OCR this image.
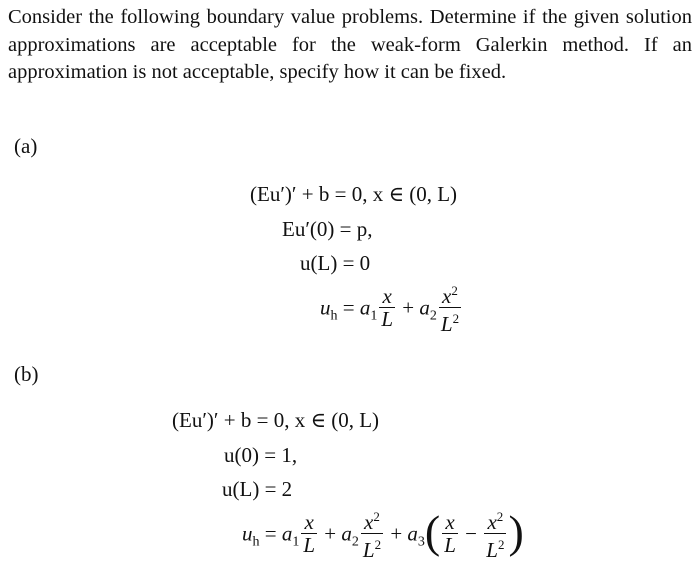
Consider the following boundary value problems. Determine if the given solution approximations are acceptable for the weak-form Galerkin method. If an approximation is not acceptable, specify how it can be fixed.
(a)
(Eu′)′ + b = 0, x ∈ (0, L)
Eu′(0) = p,
u(L) = 0
$u_h = a_1 \frac{x}{L} + a_2 \frac{x^2}{L^2}$
(b)
(Eu′)′ + b = 0, x ∈ (0, L)
u(0) = 1,
u(L) = 2
$u_h = a_1 \frac{x}{L} + a_2 \frac{x^2}{L^2} + a_3( \frac{x}{L} - \frac{x^2}{L^2}$ )
